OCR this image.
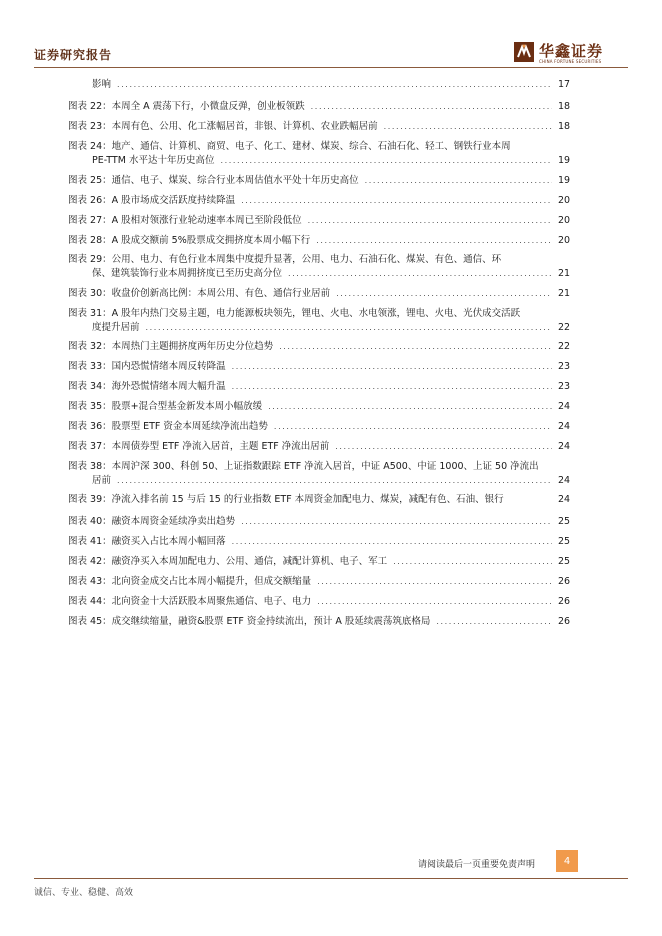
证券研究报告	华鑫证券
CHINA FORTUNE SECURITIES
影响 .....	17
图表 22：本周全 A 震荡下行，小微盘反弹，创业板领跌 .....	18
图表 23：本周有色、公用、化工涨幅居首，非银、计算机、农业跌幅居前 .....	18
图表 24：地产、通信、计算机、商贸、电子、化工、建材、煤炭、综合、石油石化、轻工、钢铁行业本周
PE-TTM 水平达十年历史高位 .....	19
图表 25：通信、电子、煤炭、综合行业本周估值水平处十年历史高位 .....	19
图表 26：A 股市场成交活跃度持续降温 .....	20
图表 27：A 股相对领涨行业轮动速率本周已至阶段低位 .....	20
图表 28：A 股成交额前 5%股票成交拥挤度本周小幅下行 .....	20
图表 29：公用、电力、有色行业本周集中度提升显著，公用、电力、石油石化、煤炭、有色、通信、环
保、建筑装饰行业本周拥挤度已至历史高分位 .....	21
图表 30：收盘价创新高比例：本周公用、有色、通信行业居前 .....	21
图表 31：A 股年内热门交易主题，电力能源板块领先，锂电、火电、水电领涨，锂电、火电、光伏成交活跃
度提升居前 .....	22
图表 32：本周热门主题拥挤度两年历史分位趋势 .....	22
图表 33：国内恐慌情绪本周反转降温 .....	23
图表 34：海外恐慌情绪本周大幅升温 .....	23
图表 35：股票+混合型基金新发本周小幅放缓 .....	24
图表 36：股票型 ETF 资金本周延续净流出趋势 .....	24
图表 37：本周债券型 ETF 净流入居首，主题 ETF 净流出居前 .....	24
图表 38：本周沪深 300、科创 50、上证指数跟踪 ETF 净流入居首，中证 A500、中证 1000、上证 50 净流出
居前 .....	24
图表 39：净流入排名前 15 与后 15 的行业指数 ETF 本周资金加配电力、煤炭，减配有色、石油、银行	24
图表 40：融资本周资金延续净卖出趋势 .....	25
图表 41：融资买入占比本周小幅回落 .....	25
图表 42：融资净买入本周加配电力、公用、通信，减配计算机、电子、军工 .....	25
图表 43：北向资金成交占比本周小幅提升，但成交额缩量 .....	26
图表 44：北向资金十大活跃股本周聚焦通信、电子、电力 .....	26
图表 45：成交继续缩量，融资&股票 ETF 资金持续流出，预计 A 股延续震荡筑底格局 .....	26
请阅读最后一页重要免责声明	4
诚信、专业、稳健、高效
